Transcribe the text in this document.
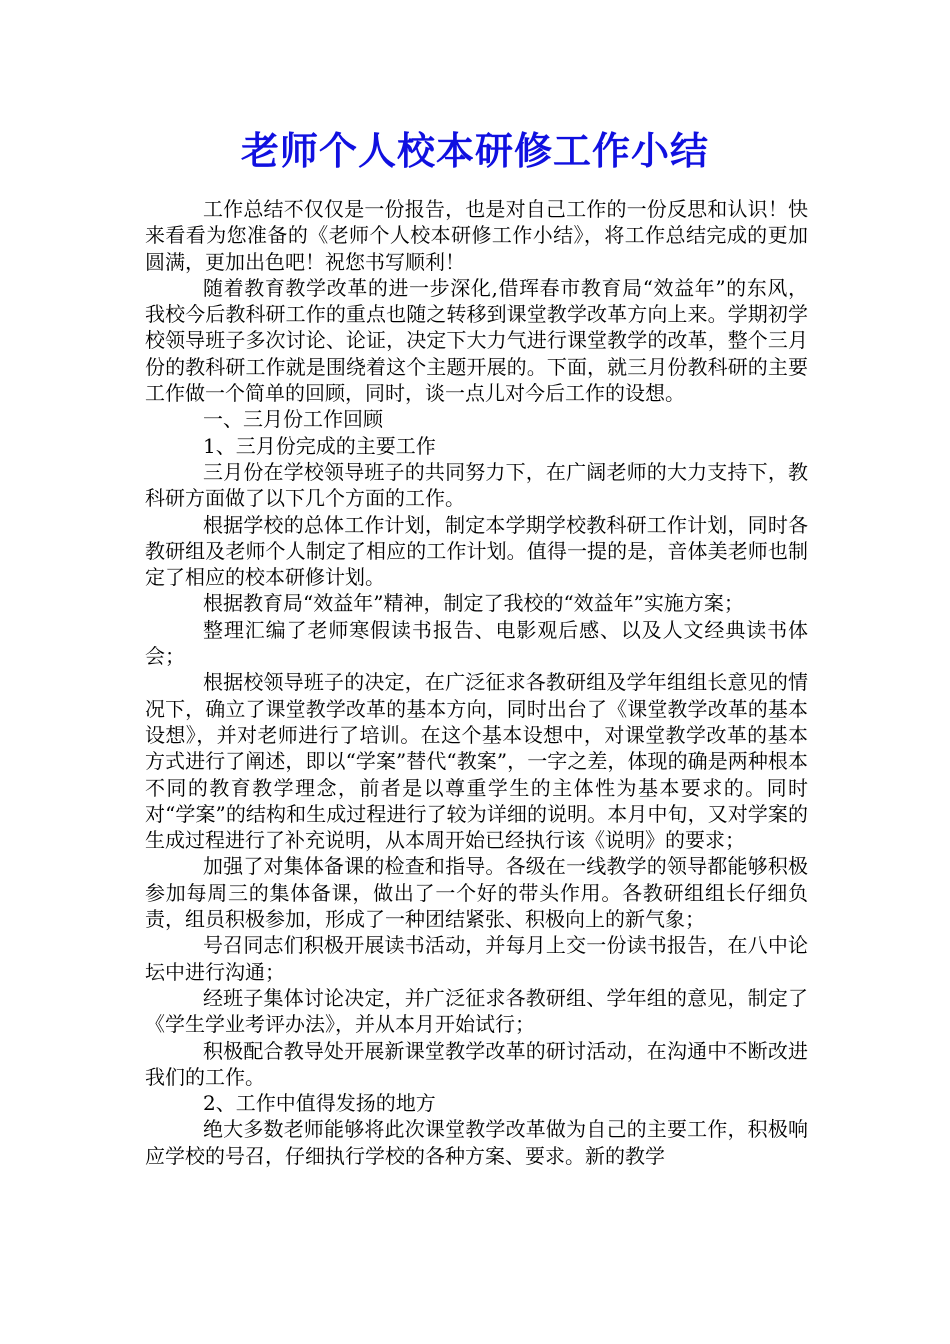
老师个人校本研修工作小结

工作总结不仅仅是一份报告，也是对自己工作的一份反思和认识！快来看看为您准备的《老师个人校本研修工作小结》，将工作总结完成的更加圆满，更加出色吧！祝您书写顺利！

随着教育教学改革的进一步深化,借珲春市教育局“效益年”的东风，我校今后教科研工作的重点也随之转移到课堂教学改革方向上来。学期初学校领导班子多次讨论、论证，决定下大力气进行课堂教学的改革，整个三月份的教科研工作就是围绕着这个主题开展的。下面，就三月份教科研的主要工作做一个简单的回顾，同时，谈一点儿对今后工作的设想。

一、三月份工作回顾

1、三月份完成的主要工作

三月份在学校领导班子的共同努力下，在广阔老师的大力支持下，教科研方面做了以下几个方面的工作。

根据学校的总体工作计划，制定本学期学校教科研工作计划，同时各教研组及老师个人制定了相应的工作计划。值得一提的是，音体美老师也制定了相应的校本研修计划。

根据教育局“效益年”精神，制定了我校的“效益年”实施方案；

整理汇编了老师寒假读书报告、电影观后感、以及人文经典读书体会；

根据校领导班子的决定，在广泛征求各教研组及学年组组长意见的情况下，确立了课堂教学改革的基本方向，同时出台了《课堂教学改革的基本设想》，并对老师进行了培训。在这个基本设想中，对课堂教学改革的基本方式进行了阐述，即以“学案”替代“教案”，一字之差，体现的确是两种根本不同的教育教学理念，前者是以尊重学生的主体性为基本要求的。同时对“学案”的结构和生成过程进行了较为详细的说明。本月中旬，又对学案的生成过程进行了补充说明，从本周开始已经执行该《说明》的要求；

加强了对集体备课的检查和指导。各级在一线教学的领导都能够积极参加每周三的集体备课，做出了一个好的带头作用。各教研组组长仔细负责，组员积极参加，形成了一种团结紧张、积极向上的新气象；

号召同志们积极开展读书活动，并每月上交一份读书报告，在八中论坛中进行沟通；

经班子集体讨论决定，并广泛征求各教研组、学年组的意见，制定了《学生学业考评办法》，并从本月开始试行；

积极配合教导处开展新课堂教学改革的研讨活动，在沟通中不断改进我们的工作。

2、工作中值得发扬的地方

绝大多数老师能够将此次课堂教学改革做为自己的主要工作，积极响应学校的号召，仔细执行学校的各种方案、要求。新的教学
